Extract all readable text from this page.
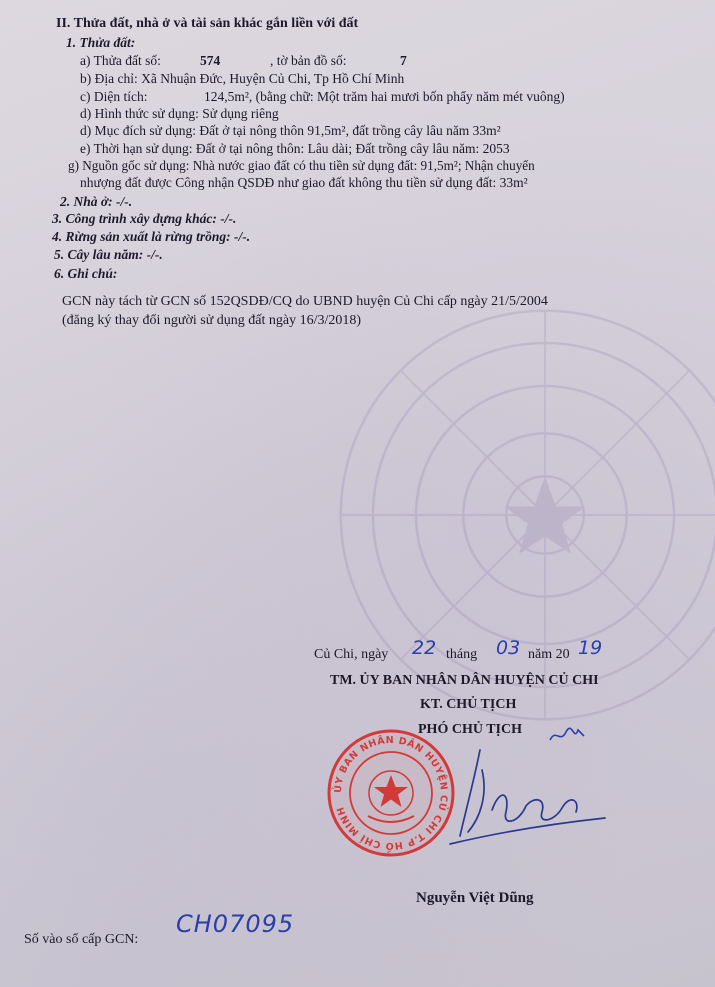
II. Thửa đất, nhà ở và tài sản khác gắn liền với đất
1. Thửa đất:
a) Thửa đất số:	574	, tờ bản đồ số:	7
b) Địa chỉ: Xã Nhuận Đức, Huyện Củ Chi, Tp Hồ Chí Minh
c) Diện tích:	124,5m², (bằng chữ: Một trăm hai mươi bốn phẩy năm mét vuông)
d) Hình thức sử dụng: Sử dụng riêng
d) Mục đích sử dụng: Đất ở tại nông thôn 91,5m², đất trồng cây lâu năm 33m²
e) Thời hạn sử dụng: Đất ở tại nông thôn: Lâu dài; Đất trồng cây lâu năm: 2053
g) Nguồn gốc sử dụng: Nhà nước giao đất có thu tiền sử dụng đất: 91,5m²; Nhận chuyển
nhượng đất được Công nhận QSDĐ như giao đất không thu tiền sử dụng đất: 33m²
2. Nhà ở: -/-.
3. Công trình xây dựng khác: -/-.
4. Rừng sản xuất là rừng trồng: -/-.
5. Cây lâu năm: -/-.
6. Ghi chú:
GCN này tách từ GCN số 152QSDĐ/CQ do UBND huyện Củ Chi cấp ngày 21/5/2004
(đăng ký thay đổi người sử dụng đất ngày 16/3/2018)
Củ Chi, ngày 22 tháng 03 năm 20 19
TM. ỦY BAN NHÂN DÂN HUYỆN CỦ CHI
KT. CHỦ TỊCH
PHÓ CHỦ TỊCH
ỦY BAN NHÂN DÂN HUYỆN CỦ CHI T.P HỒ CHÍ MINH
Nguyễn Việt Dũng
Số vào sổ cấp GCN:
CH07095
